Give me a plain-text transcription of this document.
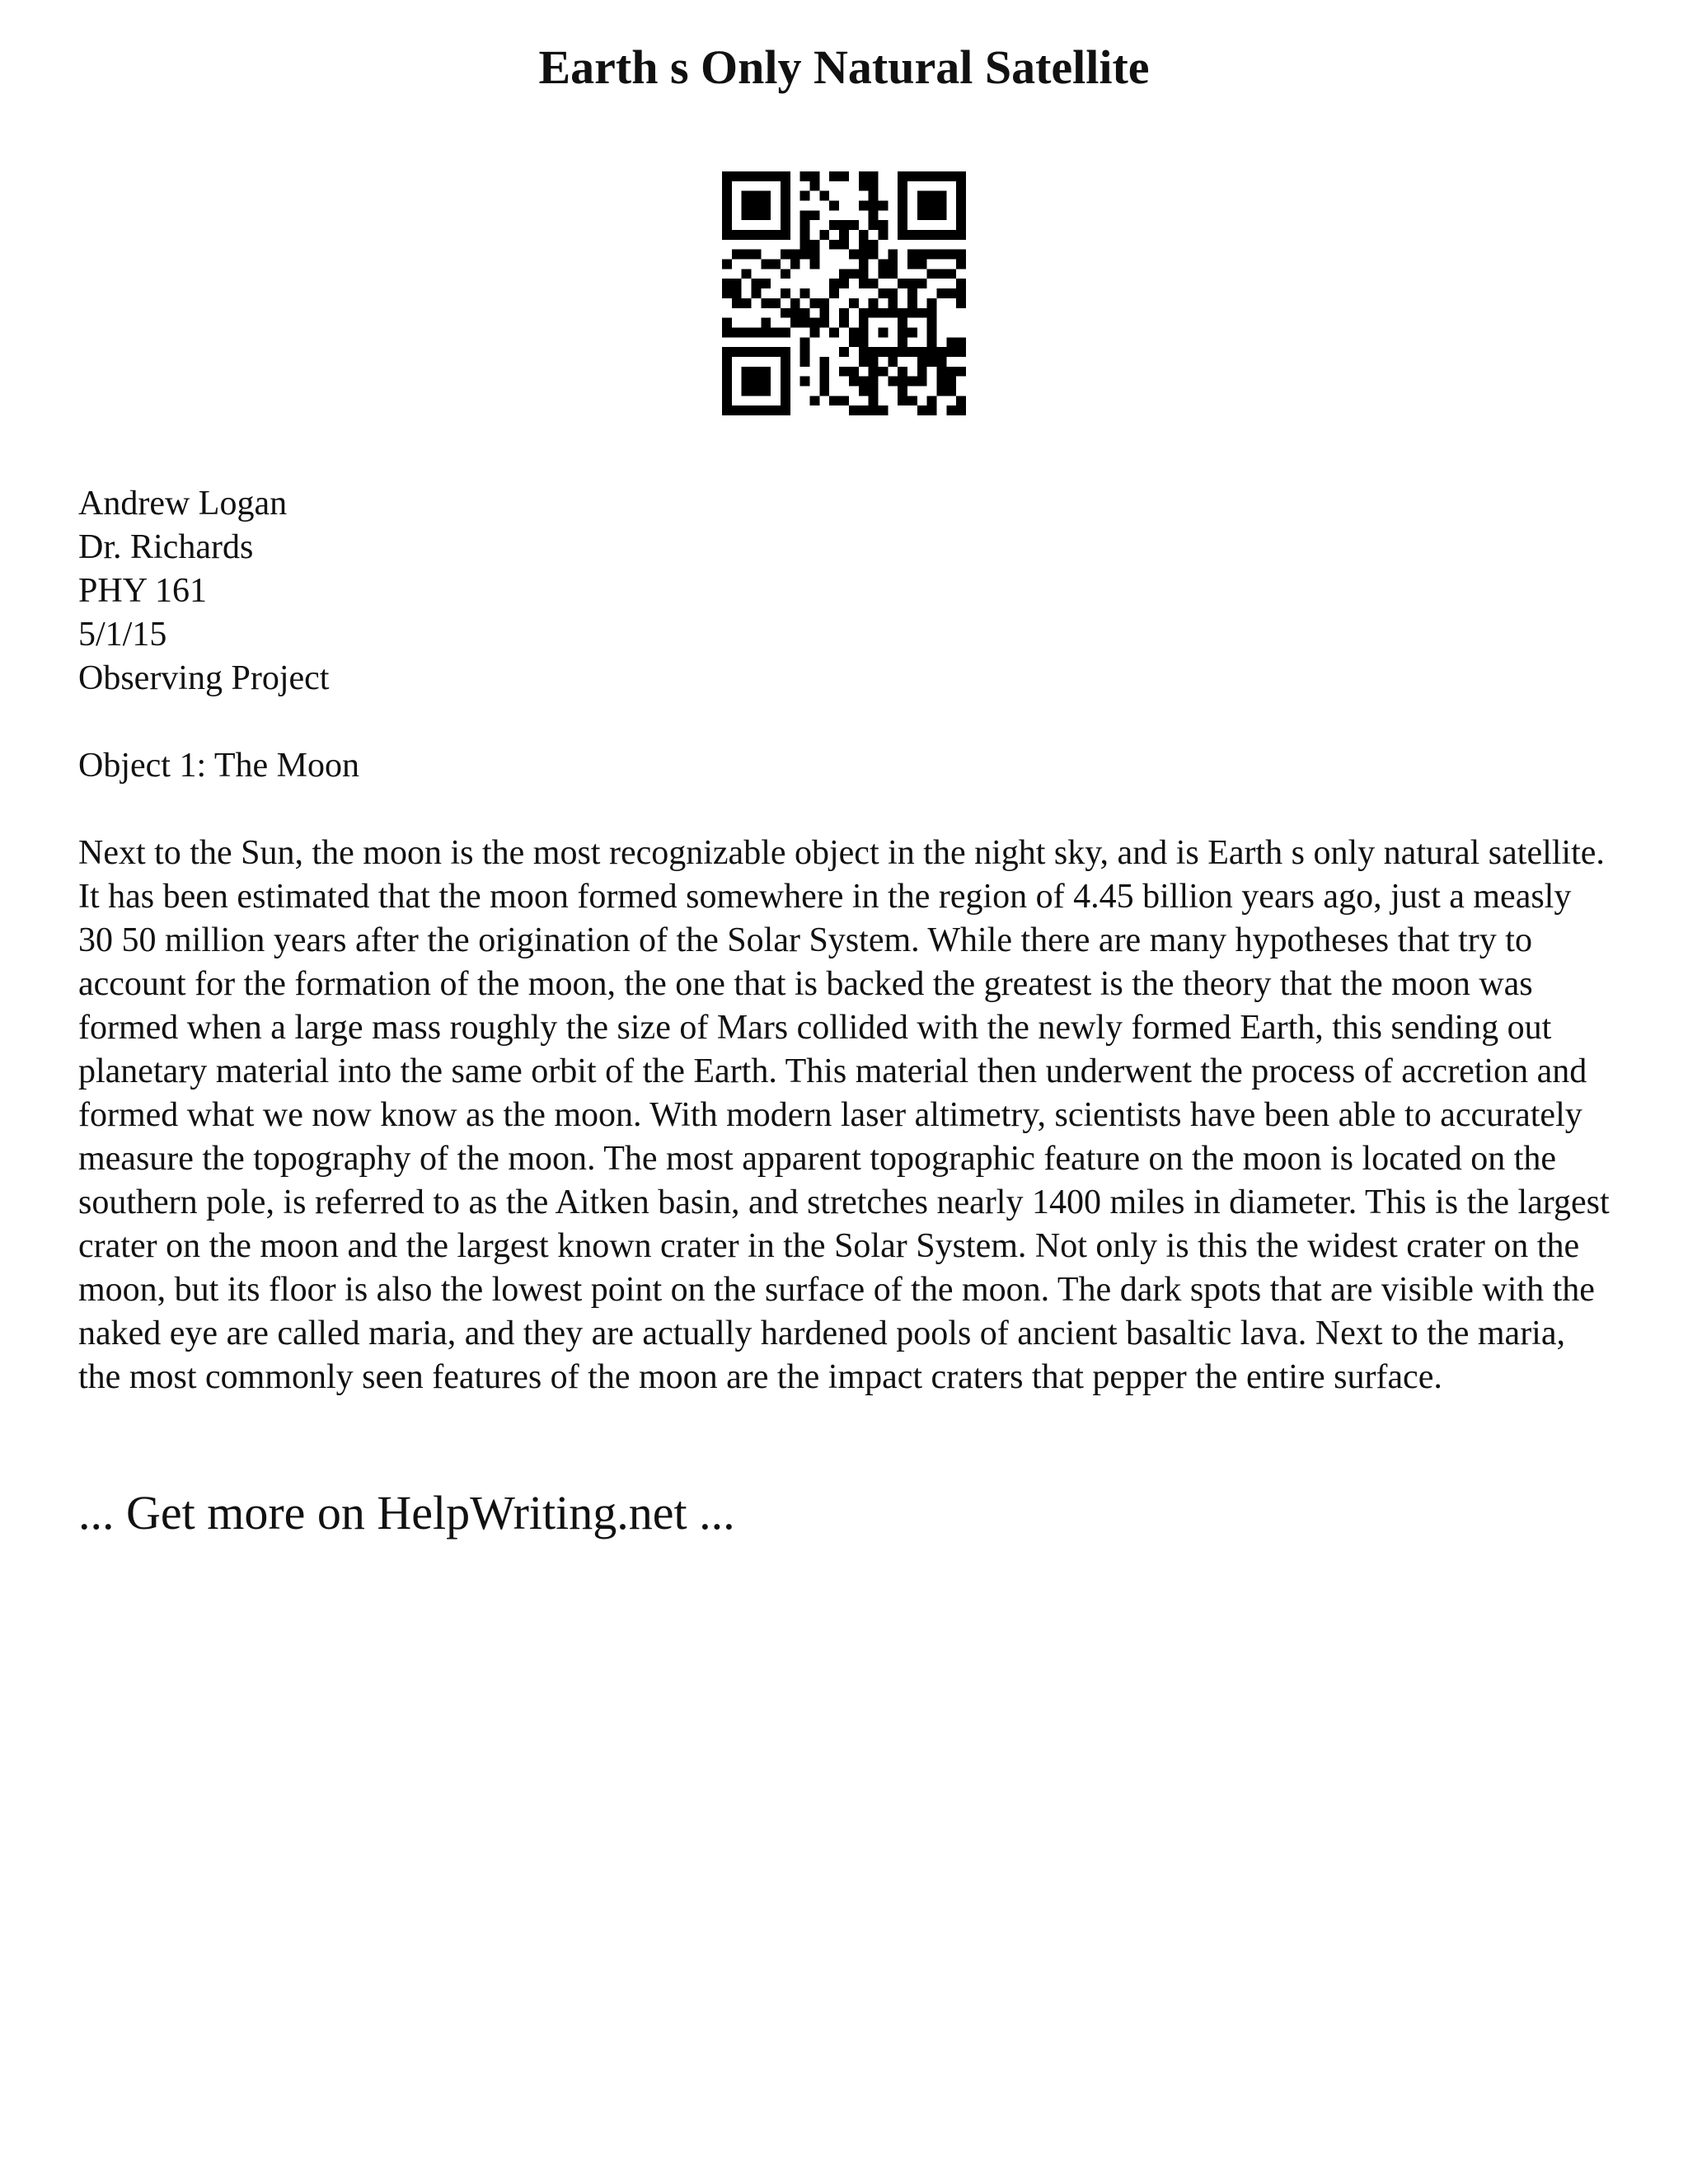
Earth s Only Natural Satellite
Andrew Logan
Dr. Richards
PHY 161
5/1/15
Observing Project
Object 1: The Moon

Next to the Sun, the moon is the most recognizable object in the night sky, and is Earth s only natural satellite. It has been estimated that the moon formed somewhere in the region of 4.45 billion years ago, just a measly 30 50 million years after the origination of the Solar System. While there are many hypotheses that try to account for the formation of the moon, the one that is backed the greatest is the theory that the moon was formed when a large mass roughly the size of Mars collided with the newly formed Earth, this sending out planetary material into the same orbit of the Earth. This material then underwent the process of accretion and formed what we now know as the moon. With modern laser altimetry, scientists have been able to accurately measure the topography of the moon. The most apparent topographic feature on the moon is located on the southern pole, is referred to as the Aitken basin, and stretches nearly 1400 miles in diameter. This is the largest crater on the moon and the largest known crater in the Solar System. Not only is this the widest crater on the moon, but its floor is also the lowest point on the surface of the moon. The dark spots that are visible with the naked eye are called maria, and they are actually hardened pools of ancient basaltic lava. Next to the maria, the most commonly seen features of the moon are the impact craters that pepper the entire surface.

... Get more on HelpWriting.net ...
